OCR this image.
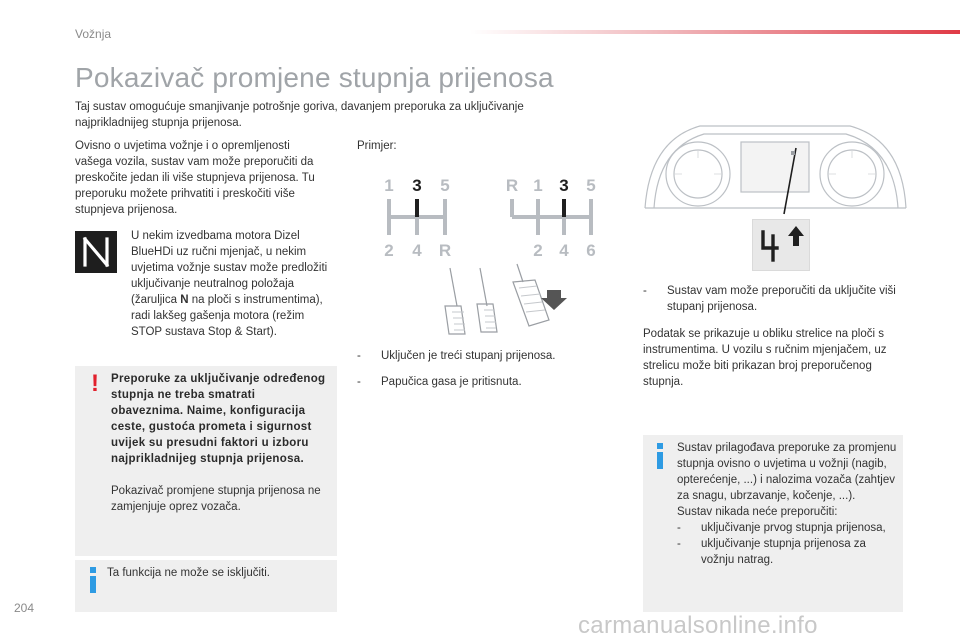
Vožnja
Pokazivač promjene stupnja prijenosa

Taj sustav omogućuje smanjivanje potrošnje goriva, davanjem preporuka za uključivanje najprikladnijeg stupnja prijenosa.

Ovisno o uvjetima vožnje i o opremljenosti vašega vozila, sustav vam može preporučiti da preskočite jedan ili više stupnjeva prijenosa. Tu preporuku možete prihvatiti i preskočiti više stupnjeva prijenosa.

U nekim izvedbama motora Dizel BlueHDi uz ručni mjenjač, u nekim uvjetima vožnje sustav može predložiti uključivanje neutralnog položaja (žaruljica N na ploči s instrumentima), radi lakšeg gašenja motora (režim STOP sustava Stop & Start).

!	Preporuke za uključivanje određenog stupnja ne treba smatrati obaveznima. Naime, konfiguracija ceste, gustoća prometa i sigurnost uvijek su presudni faktori u izboru najprikladnijeg stupnja prijenosa.

Pokazivač promjene stupnja prijenosa ne zamjenjuje oprez vozača.

Ta funkcija ne može se isključiti.

Primjer:

1 3 5
2 4 R
R 1 3 5
2 4 6

- Uključen je treći stupanj prijenosa.

- Papučica gasa je pritisnuta.

-	Sustav vam može preporučiti da uključite viši stupanj prijenosa.

Podatak se prikazuje u obliku strelice na ploči s instrumentima. U vozilu s ručnim mjenjačem, uz strelicu može biti prikazan broj preporučenog stupnja.

Sustav prilagođava preporuke za promjenu stupnja ovisno o uvjetima u vožnji (nagib, opterećenje, ...) i nalozima vozača (zahtjev za snagu, ubrzavanje, kočenje, ...).

Sustav nikada neće preporučiti:

-	uključivanje prvog stupnja prijenosa,

-	uključivanje stupnja prijenosa za vožnju natrag.

204
carmanualsonline.info
